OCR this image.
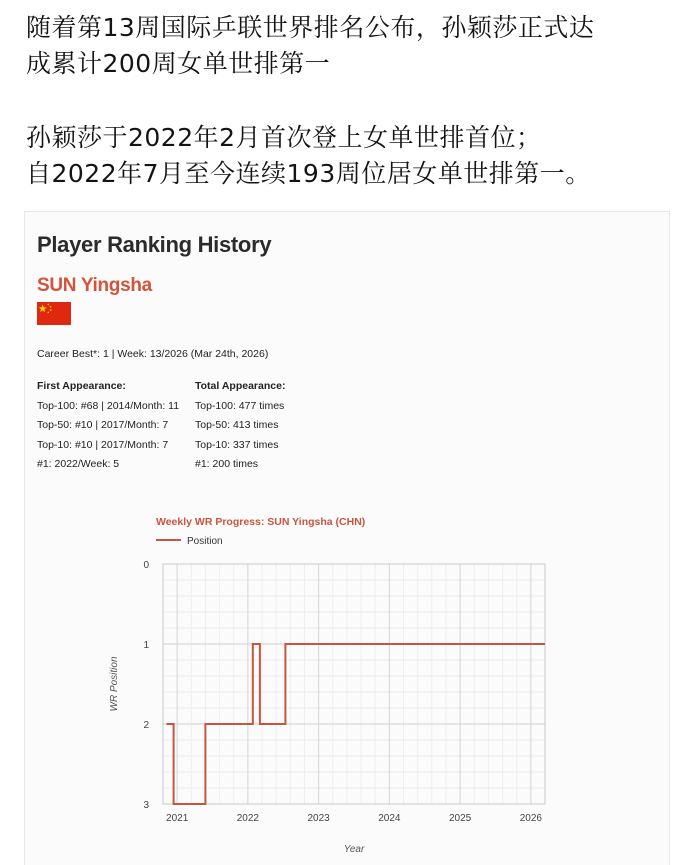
随着第13周国际乒联世界排名公布，孙颖莎正式达

成累计200周女单世排第一

孙颖莎于2022年2月首次登上女单世排首位；

自2022年7月至今连续193周位居女单世排第一。

Player Ranking History
SUN Yingsha
Career Best*: 1 | Week: 13/2026 (Mar 24th, 2026)
First Appearance:
Top-100: #68 | 2014/Month: 11
Top-50: #10 | 2017/Month: 7
Top-10: #10 | 2017/Month: 7
#1: 2022/Week: 5
Total Appearance:
Top-100: 477 times
Top-50: 413 times
Top-10: 337 times
#1: 200 times
0
1
2
3
2021	2022	2023	2024	2025	2026
Weekly WR Progress: SUN Yingsha (CHN)
Position
Year
WR Position
